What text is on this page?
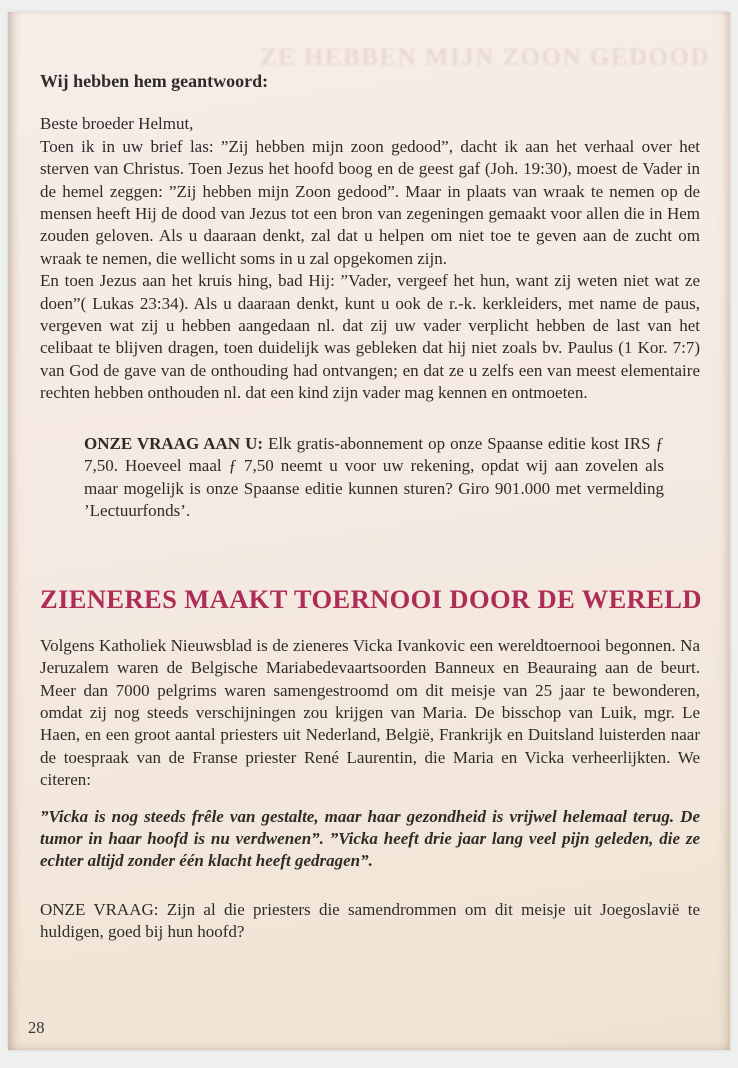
ZE HEBBEN MIJN ZOON GEDOOD

Wij hebben hem geantwoord:

Beste broeder Helmut,

Toen ik in uw brief las: ”Zij hebben mijn zoon gedood”, dacht ik aan het verhaal over het sterven van Christus. Toen Jezus het hoofd boog en de geest gaf (Joh. 19:30), moest de Vader in de hemel zeggen: ”Zij hebben mijn Zoon gedood”. Maar in plaats van wraak te nemen op de mensen heeft Hij de dood van Jezus tot een bron van zegeningen gemaakt voor allen die in Hem zouden geloven. Als u daaraan denkt, zal dat u helpen om niet toe te geven aan de zucht om wraak te nemen, die wellicht soms in u zal opgekomen zijn.

En toen Jezus aan het kruis hing, bad Hij: ”Vader, vergeef het hun, want zij weten niet wat ze doen”( Lukas 23:34). Als u daaraan denkt, kunt u ook de r.-k. kerkleiders, met name de paus, vergeven wat zij u hebben aangedaan nl. dat zij uw vader verplicht hebben de last van het celibaat te blijven dragen, toen duidelijk was gebleken dat hij niet zoals bv. Paulus (1 Kor. 7:7) van God de gave van de onthouding had ontvangen; en dat ze u zelfs een van meest elementaire rechten hebben onthouden nl. dat een kind zijn vader mag kennen en ontmoeten.

ONZE VRAAG AAN U: Elk gratis-abonnement op onze Spaanse editie kost IRS ƒ 7,50. Hoeveel maal ƒ 7,50 neemt u voor uw rekening, opdat wij aan zovelen als maar mogelijk is onze Spaanse editie kunnen sturen? Giro 901.000 met vermelding ’Lectuurfonds’.
ZIENERES MAAKT TOERNOOI DOOR DE WERELD

Volgens Katholiek Nieuwsblad is de zieneres Vicka Ivankovic een wereldtoernooi begonnen. Na Jeruzalem waren de Belgische Mariabedevaartsoorden Banneux en Beauraing aan de beurt. Meer dan 7000 pelgrims waren samengestroomd om dit meisje van 25 jaar te bewonderen, omdat zij nog steeds verschijningen zou krijgen van Maria. De bisschop van Luik, mgr. Le Haen, en een groot aantal priesters uit Nederland, België, Frankrijk en Duitsland luisterden naar de toespraak van de Franse priester René Laurentin, die Maria en Vicka verheerlijkten. We citeren:

”Vicka is nog steeds frêle van gestalte, maar haar gezondheid is vrijwel helemaal terug. De tumor in haar hoofd is nu verdwenen”. ”Vicka heeft drie jaar lang veel pijn geleden, die ze echter altijd zonder één klacht heeft gedragen”.

ONZE VRAAG: Zijn al die priesters die samendrommen om dit meisje uit Joegoslavië te huldigen, goed bij hun hoofd?

28
